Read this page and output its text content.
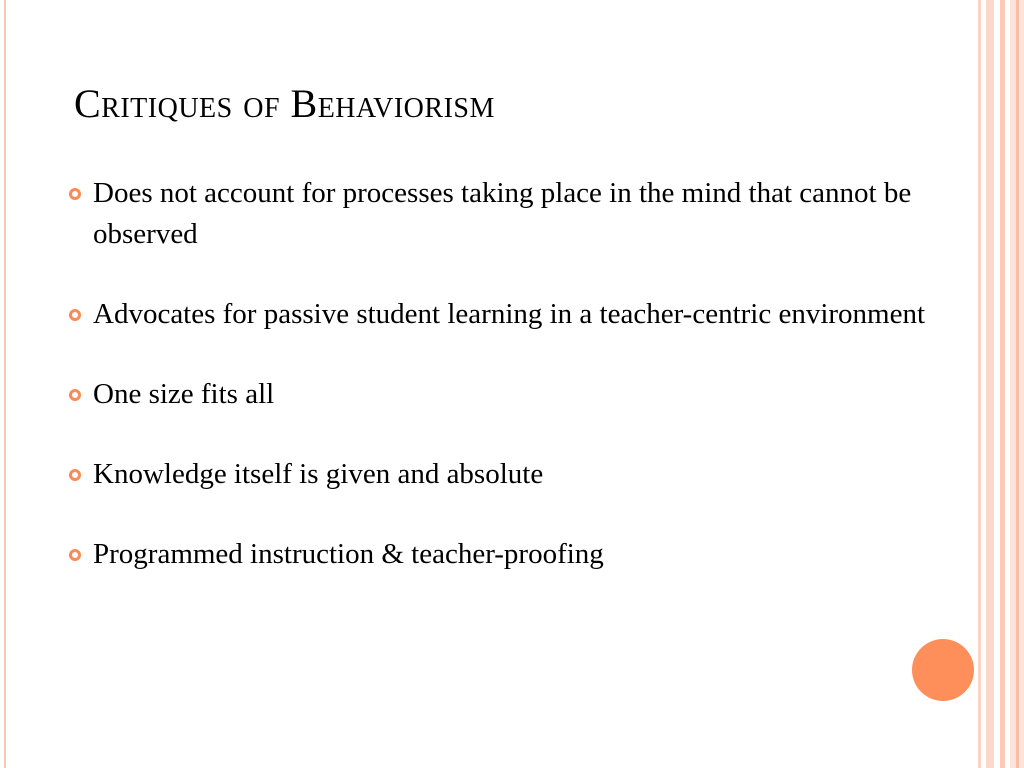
Critiques of Behaviorism
Does not account for processes taking place in the mind that cannot be observed
Advocates for passive student learning in a teacher-centric environment
One size fits all
Knowledge itself is given and absolute
Programmed instruction & teacher-proofing
